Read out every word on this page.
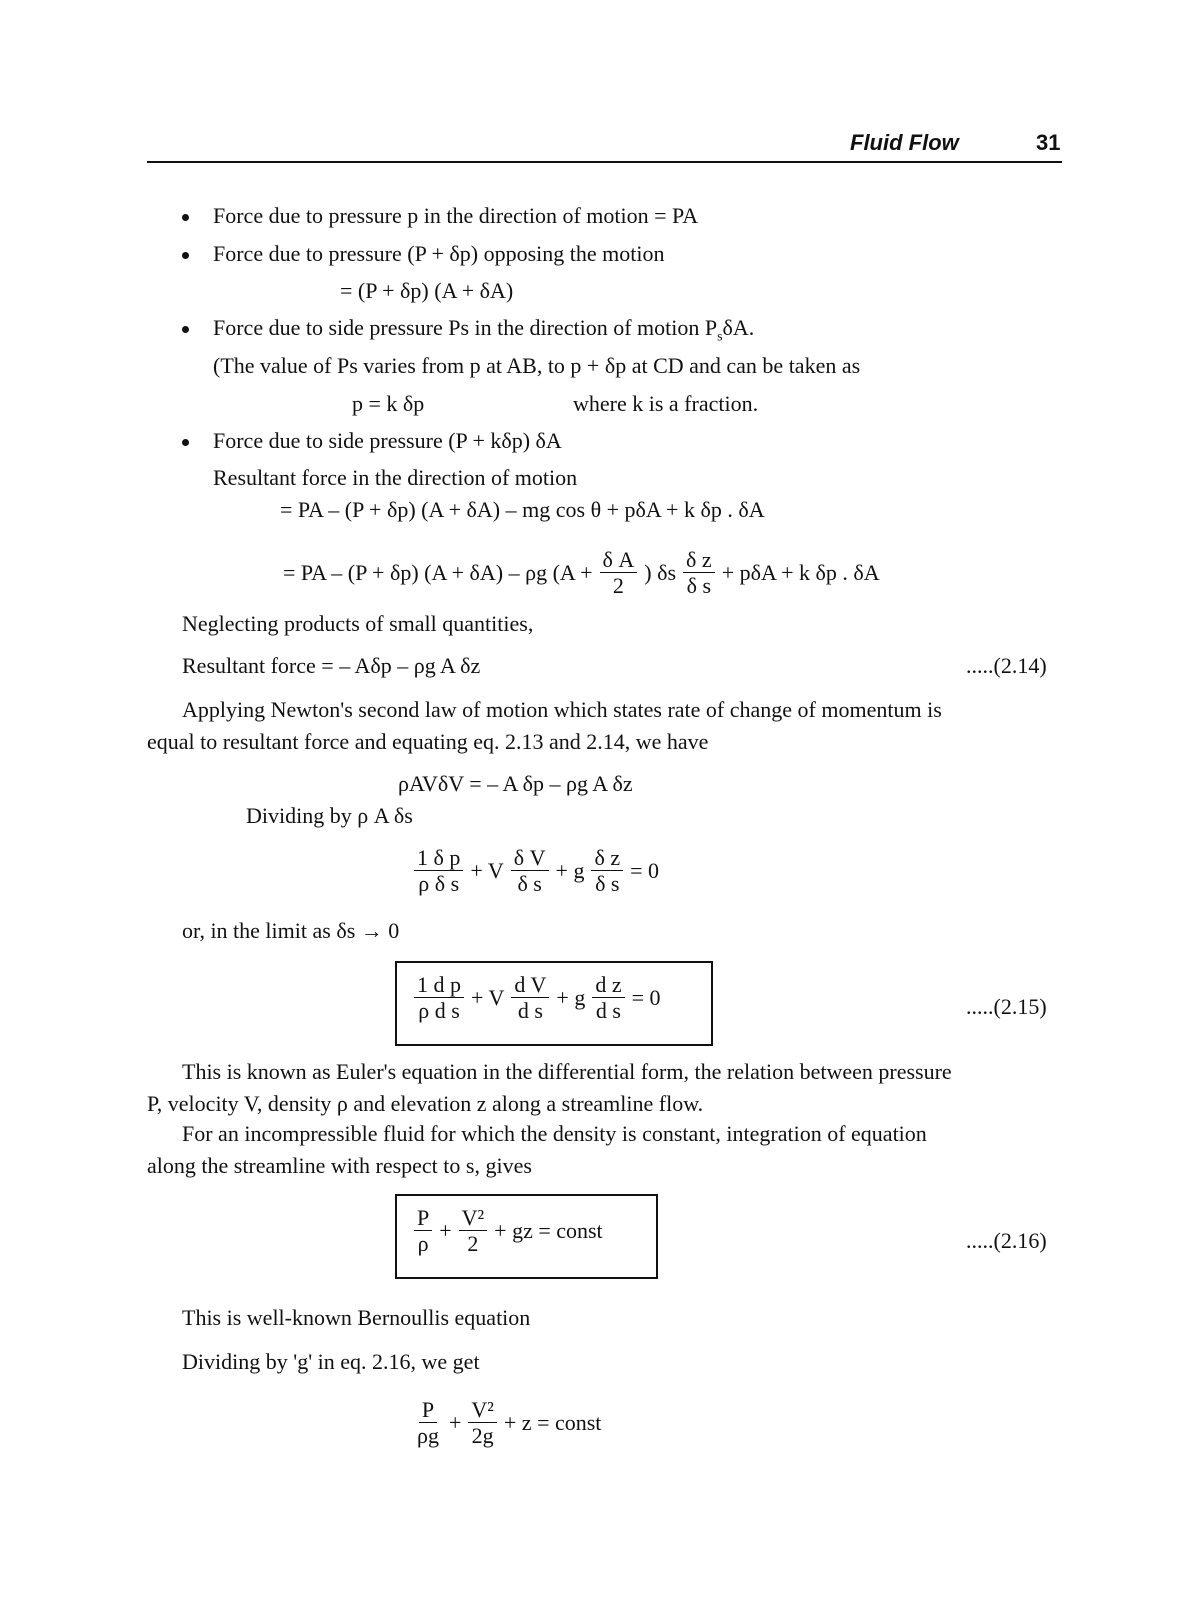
Fluid Flow	31
Force due to pressure p in the direction of motion = PA
Force due to pressure (P + δp) opposing the motion
= (P + δp) (A + δA)
Force due to side pressure Ps in the direction of motion $P_s\delta A$.
(The value of Ps varies from p at AB, to p + δp at CD and can be taken as
p = k δp	where k is a fraction.
Force due to side pressure (P + kδp) δA
Resultant force in the direction of motion
= PA – (P + δp) (A + δA) – mg cos θ + pδA + k δp . δA
= PA – (P + δp) (A + δA) – ρg ($A + \frac{\text{δ A}}{2}$ ) δs $\frac{\text{δ z}}{\text{δ s}} + p\delta A + k$ δp . δA
Neglecting products of small quantities,
Resultant force = – Aδp – ρg A δz	.....(2.14)
Applying Newton's second law of motion which states rate of change of momentum is
equal to resultant force and equating eq. 2.13 and 2.14, we have
ρAVδV = – A δp – ρg A δz
Dividing by ρ A δs
$\frac{\text{1 δ p}}{\text{ρ δ s}} + V \frac{\text{δ V}}{\text{δ s}} + g \frac{\text{δ z}}{\text{δ s}} = 0$
or, in the limit as δs → 0
$\frac{\text{1 d p}}{\text{ρ d s}} + V \frac{\text{d V}}{\text{d s}} + g \frac{\text{d z}}{\text{d s}} = 0$	.....(2.15)
This is known as Euler's equation in the differential form, the relation between pressure
P, velocity V, density ρ and elevation z along a streamline flow.
For an incompressible fluid for which the density is constant, integration of equation
along the streamline with respect to s, gives
$\frac{P}{\rho} + \frac{\text{V²}}{2}$ + gz = const	.....(2.16)
This is well-known Bernoullis equation
Dividing by 'g' in eq. 2.16, we get
$\frac{P}{\rho g} + \frac{\text{V²}}{2g} + z$ = const
